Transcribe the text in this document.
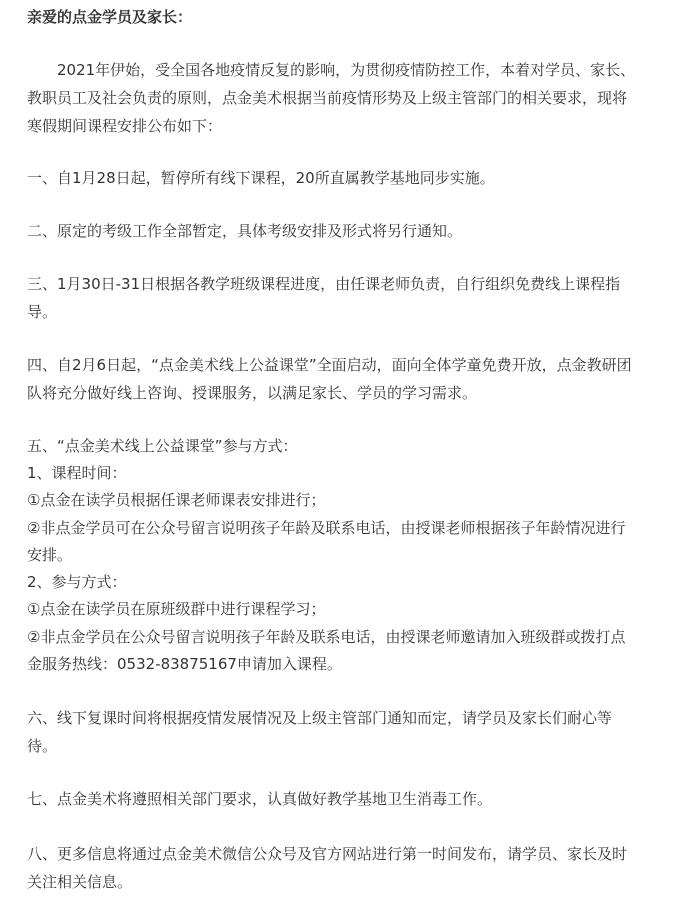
亲爱的点金学员及家长：

2021年伊始，受全国各地疫情反复的影响，为贯彻疫情防控工作，本着对学员、家长、

教职员工及社会负责的原则，点金美术根据当前疫情形势及上级主管部门的相关要求，现将

寒假期间课程安排公布如下：

一、自1月28日起，暂停所有线下课程，20所直属教学基地同步实施。

二、原定的考级工作全部暂定，具体考级安排及形式将另行通知。

三、1月30日-31日根据各教学班级课程进度，由任课老师负责，自行组织免费线上课程指

导。

四、自2月6日起，“点金美术线上公益课堂”全面启动，面向全体学童免费开放，点金教研团

队将充分做好线上咨询、授课服务，以满足家长、学员的学习需求。

五、“点金美术线上公益课堂”参与方式：

1、课程时间：

①点金在读学员根据任课老师课表安排进行；

②非点金学员可在公众号留言说明孩子年龄及联系电话，由授课老师根据孩子年龄情况进行

安排。

2、参与方式：

①点金在读学员在原班级群中进行课程学习；

②非点金学员在公众号留言说明孩子年龄及联系电话，由授课老师邀请加入班级群或拨打点

金服务热线：0532-83875167申请加入课程。

六、线下复课时间将根据疫情发展情况及上级主管部门通知而定，请学员及家长们耐心等

待。

七、点金美术将遵照相关部门要求，认真做好教学基地卫生消毒工作。

八、更多信息将通过点金美术微信公众号及官方网站进行第一时间发布，请学员、家长及时

关注相关信息。
